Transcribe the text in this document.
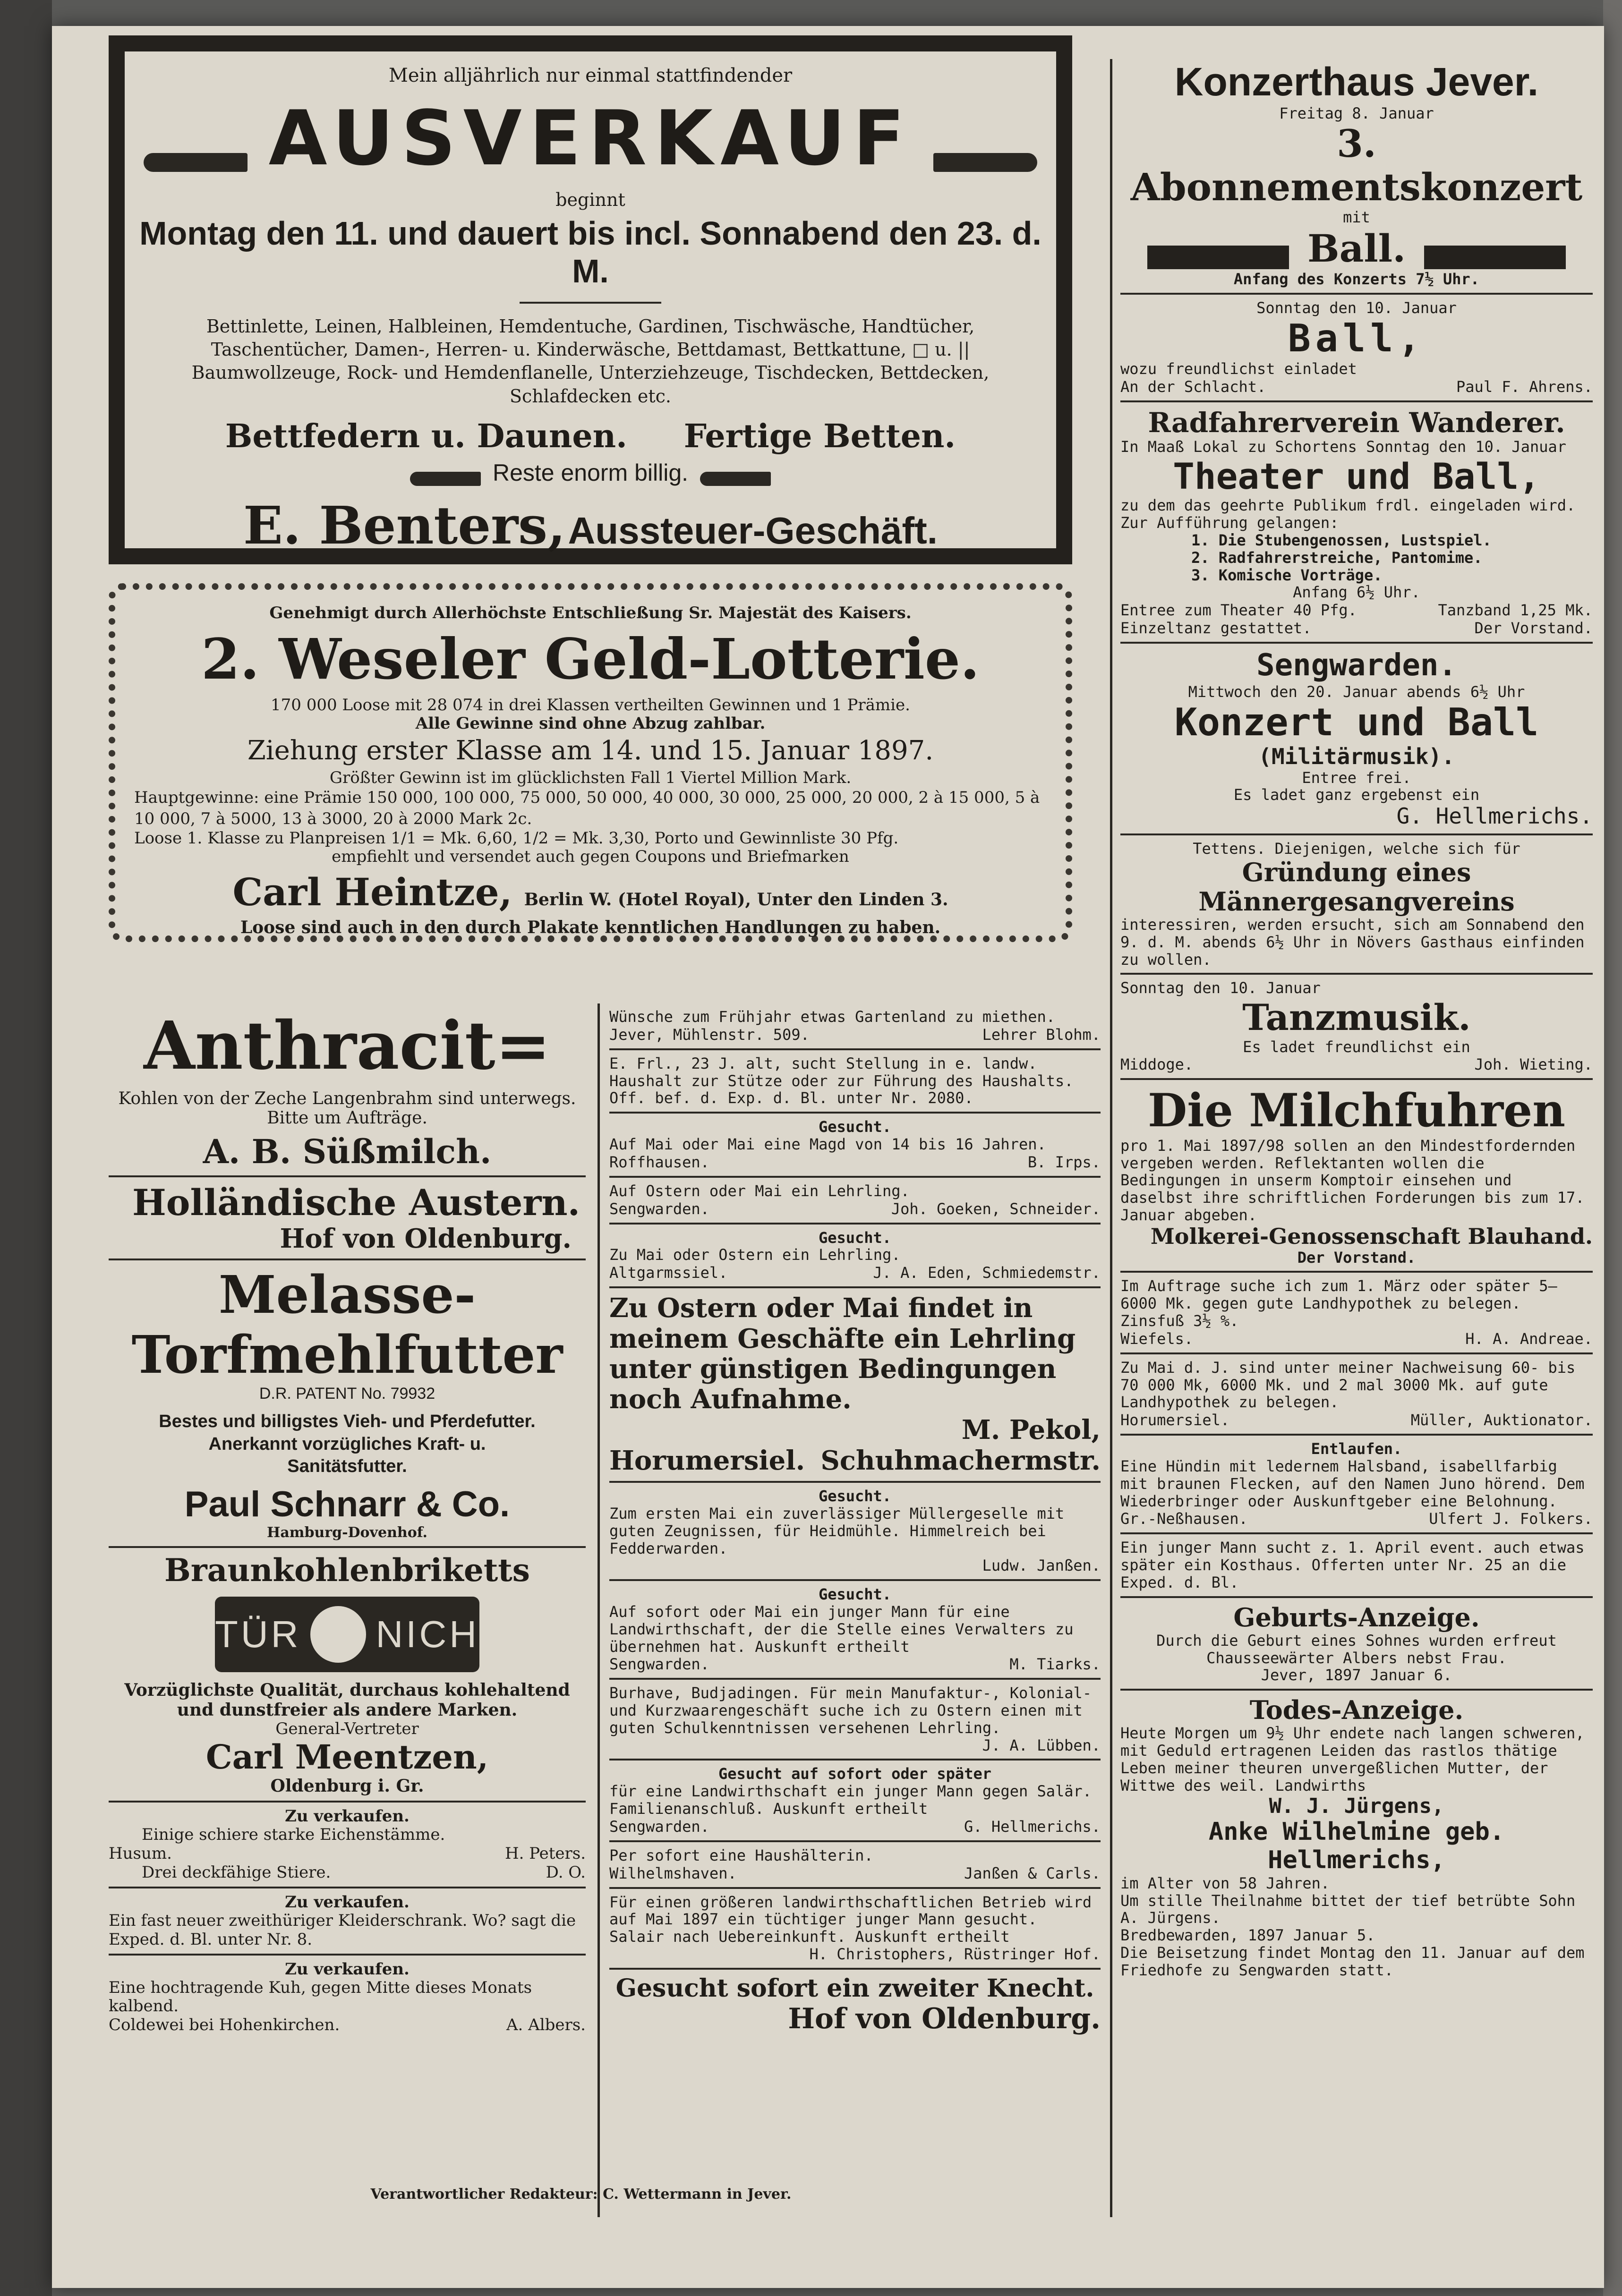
Mein alljährlich nur einmal stattfindender

AUSVERKAUF

beginnt

Montag den 11. und dauert bis incl. Sonnabend den 23. d. M.

Bettinlette, Leinen, Halbleinen, Hemdentuche, Gardinen, Tischwäsche, Handtücher, Taschentücher, Damen-, Herren- u. Kinderwäsche, Bettdamast, Bettkattune, □ u. || Baumwollzeuge, Rock- und Hemdenflanelle, Unterziehzeuge, Tischdecken, Bettdecken, Schlafdecken etc.

Bettfedern u. Daunen. Fertige Betten.
Reste enorm billig.
E. Benters, Aussteuer-Geschäft.

Genehmigt durch Allerhöchste Entschließung Sr. Majestät des Kaisers.

2. Weseler Geld-Lotterie.

170 000 Loose mit 28 074 in drei Klassen vertheilten Gewinnen und 1 Prämie.

Alle Gewinne sind ohne Abzug zahlbar.

Ziehung erster Klasse am 14. und 15. Januar 1897.

Größter Gewinn ist im glücklichsten Fall 1 Viertel Million Mark.

Hauptgewinne: eine Prämie 150 000, 100 000, 75 000, 50 000, 40 000, 30 000, 25 000, 20 000, 2 à 15 000, 5 à 10 000, 7 à 5000, 13 à 3000, 20 à 2000 Mark 2c.

Loose 1. Klasse zu Planpreisen 1/1 = Mk. 6,60, 1/2 = Mk. 3,30, Porto und Gewinnliste 30 Pfg.

empfiehlt und versendet auch gegen Coupons und Briefmarken

Carl Heintze, Berlin W. (Hotel Royal), Unter den Linden 3.

Loose sind auch in den durch Plakate kenntlichen Handlungen zu haben.

Anthracit=

Kohlen von der Zeche Langenbrahm sind unterwegs. Bitte um Aufträge.

A. B. Süßmilch.

Holländische Austern.

Hof von Oldenburg.

Melasse-

Torfmehlfutter

D.R. PATENT No. 79932

Bestes und billigstes Vieh- und Pferdefutter. Anerkannt vorzügliches Kraft- u. Sanitätsfutter.

Paul Schnarr & Co.

Hamburg-Dovenhof.

Braunkohlenbriketts

TÜR NICH

Vorzüglichste Qualität, durchaus kohlehaltend und dunstfreier als andere Marken.

General-Vertreter

Carl Meentzen,

Oldenburg i. Gr.

Zu verkaufen.

Einige schiere starke Eichenstämme.

Husum.	H. Peters.
Drei deckfähige Stiere.	D. O.

Zu verkaufen.

Ein fast neuer zweithüriger Kleiderschrank. Wo? sagt die Exped. d. Bl. unter Nr. 8.

Zu verkaufen.

Eine hochtragende Kuh, gegen Mitte dieses Monats kalbend.

Coldewei bei Hohenkirchen.	A. Albers.

Wünsche zum Frühjahr etwas Gartenland zu miethen.

Jever, Mühlenstr. 509.	Lehrer Blohm.

E. Frl., 23 J. alt, sucht Stellung in e. landw. Haushalt zur Stütze oder zur Führung des Haushalts. Off. bef. d. Exp. d. Bl. unter Nr. 2080.

Gesucht.

Auf Mai oder Mai eine Magd von 14 bis 16 Jahren.

Roffhausen.	B. Irps.

Auf Ostern oder Mai ein Lehrling.

Sengwarden.	Joh. Goeken, Schneider.

Gesucht.

Zu Mai oder Ostern ein Lehrling.

Altgarmssiel.	J. A. Eden, Schmiedemstr.

Zu Ostern oder Mai findet in meinem Geschäfte ein Lehrling unter günstigen Bedingungen noch Aufnahme.

M. Pekol,

Horumersiel. Schuhmachermstr.

Gesucht.

Zum ersten Mai ein zuverlässiger Müllergeselle mit guten Zeugnissen, für Heidmühle. Himmelreich bei Fedderwarden.

Ludw. Janßen.

Gesucht.

Auf sofort oder Mai ein junger Mann für eine Landwirthschaft, der die Stelle eines Verwalters zu übernehmen hat. Auskunft ertheilt

Sengwarden.	M. Tiarks.

Burhave, Budjadingen. Für mein Manufaktur-, Kolonial- und Kurzwaarengeschäft suche ich zu Ostern einen mit guten Schulkenntnissen versehenen Lehrling.

J. A. Lübben.

Gesucht auf sofort oder später

für eine Landwirthschaft ein junger Mann gegen Salär. Familienanschluß. Auskunft ertheilt

Sengwarden.	G. Hellmerichs.

Per sofort eine Haushälterin.

Wilhelmshaven.	Janßen & Carls.

Für einen größeren landwirthschaftlichen Betrieb wird auf Mai 1897 ein tüchtiger junger Mann gesucht. Salair nach Uebereinkunft. Auskunft ertheilt

H. Christophers, Rüstringer Hof.

Gesucht sofort ein zweiter Knecht.

Hof von Oldenburg.

Konzerthaus Jever.

Freitag 8. Januar

3. Abonnementskonzert

mit

Ball.

Anfang des Konzerts 7½ Uhr.

Sonntag den 10. Januar

Ball,

wozu freundlichst einladet

An der Schlacht.	Paul F. Ahrens.

Radfahrerverein Wanderer.

In Maaß Lokal zu Schortens Sonntag den 10. Januar

Theater und Ball,

zu dem das geehrte Publikum frdl. eingeladen wird. Zur Aufführung gelangen:

1. Die Stubengenossen, Lustspiel.

2. Radfahrerstreiche, Pantomime.

3. Komische Vorträge.

Anfang 6½ Uhr.

Entree zum Theater 40 Pfg.	Tanzband 1,25 Mk.
Einzeltanz gestattet.	Der Vorstand.

Sengwarden.

Mittwoch den 20. Januar abends 6½ Uhr

Konzert und Ball

(Militärmusik).

Entree frei.

Es ladet ganz ergebenst ein

G. Hellmerichs.

Tettens. Diejenigen, welche sich für

Gründung eines Männergesangvereins

interessiren, werden ersucht, sich am Sonnabend den 9. d. M. abends 6½ Uhr in Növers Gasthaus einfinden zu wollen.

Sonntag den 10. Januar

Tanzmusik.

Es ladet freundlichst ein

Middoge.	Joh. Wieting.

Die Milchfuhren

pro 1. Mai 1897/98 sollen an den Mindestfordernden vergeben werden. Reflektanten wollen die Bedingungen in unserm Komptoir einsehen und daselbst ihre schriftlichen Forderungen bis zum 17. Januar abgeben.

Molkerei-Genossenschaft Blauhand.

Der Vorstand.

Im Auftrage suche ich zum 1. März oder später 5—6000 Mk. gegen gute Landhypothek zu belegen. Zinsfuß 3½ %.

Wiefels.	H. A. Andreae.

Zu Mai d. J. sind unter meiner Nachweisung 60- bis 70 000 Mk, 6000 Mk. und 2 mal 3000 Mk. auf gute Landhypothek zu belegen.

Horumersiel.	Müller, Auktionator.

Entlaufen.

Eine Hündin mit ledernem Halsband, isabellfarbig mit braunen Flecken, auf den Namen Juno hörend. Dem Wiederbringer oder Auskunftgeber eine Belohnung.

Gr.-Neßhausen.	Ulfert J. Folkers.

Ein junger Mann sucht z. 1. April event. auch etwas später ein Kosthaus. Offerten unter Nr. 25 an die Exped. d. Bl.

Geburts-Anzeige.

Durch die Geburt eines Sohnes wurden erfreut Chausseewärter Albers nebst Frau.

Jever, 1897 Januar 6.

Todes-Anzeige.

Heute Morgen um 9½ Uhr endete nach langen schweren, mit Geduld ertragenen Leiden das rastlos thätige Leben meiner theuren unvergeßlichen Mutter, der Wittwe des weil. Landwirths

W. J. Jürgens,

Anke Wilhelmine geb. Hellmerichs,

im Alter von 58 Jahren.

Um stille Theilnahme bittet der tief betrübte Sohn A. Jürgens.

Bredbewarden, 1897 Januar 5.

Die Beisetzung findet Montag den 11. Januar auf dem Friedhofe zu Sengwarden statt.

Verantwortlicher Redakteur: C. Wettermann in Jever.
